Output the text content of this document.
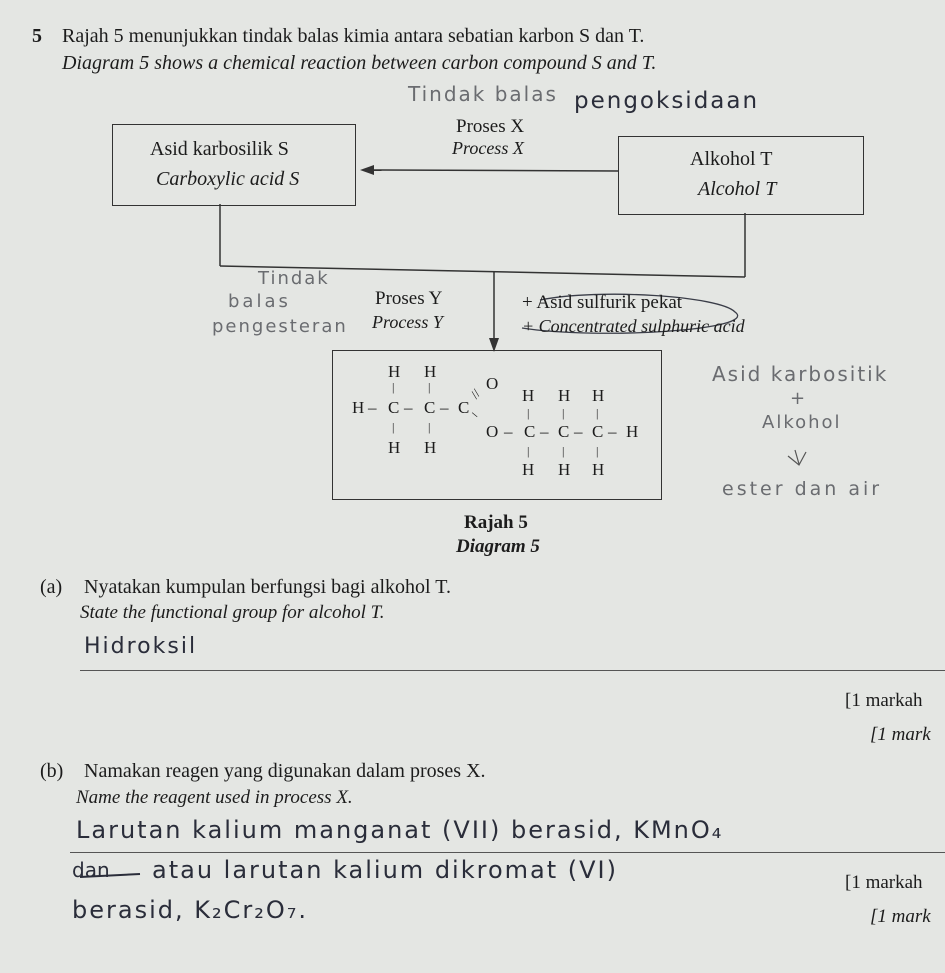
5 Rajah 5 menunjukkan tindak balas kimia antara sebatian karbon S dan T.
Diagram 5 shows a chemical reaction between carbon compound S and T.
Tindak balas pengoksidaan
Asid karbosilik S
Carboxylic acid S
Alkohol T
Alcohol T
Proses X
Process X
Tindak
balas
pengesteran
Proses Y
Process Y
+ Asid sulfurik pekat
+ Concentrated sulphuric acid
H H
|	|
H – C – C – C
O
//
–
O – C – C – C – H
H H H
|	|	|
|	|
H H	|	|	|
H H H
Asid karbositik
+
Alkohol
ester dan air
Rajah 5
Diagram 5
(a) Nyatakan kumpulan berfungsi bagi alkohol T.
State the functional group for alcohol T.
Hidroksil
[1 markah
[1 mark
(b) Namakan reagen yang digunakan dalam proses X.
Name the reagent used in process X.
Larutan kalium manganat (VII) berasid, KMnO₄
dan atau larutan kalium dikromat (VI)	[1 markah
berasid, K₂Cr₂O₇.	[1 mark
